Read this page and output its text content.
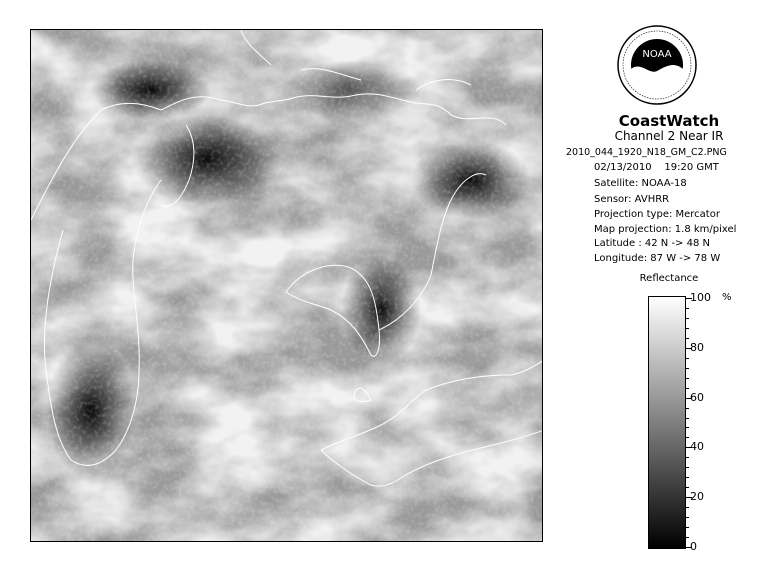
NOAA
CoastWatch
Channel 2 Near IR
2010_044_1920_N18_GM_C2.PNG
02/13/2010 19:20 GMT
Satellite: NOAA-18
Sensor: AVHRR
Projection type: Mercator
Map projection: 1.8 km/pixel
Latitude : 42 N -> 48 N
Longitude: 87 W -> 78 W
Reflectance
%
100
80
60
40
20
0
